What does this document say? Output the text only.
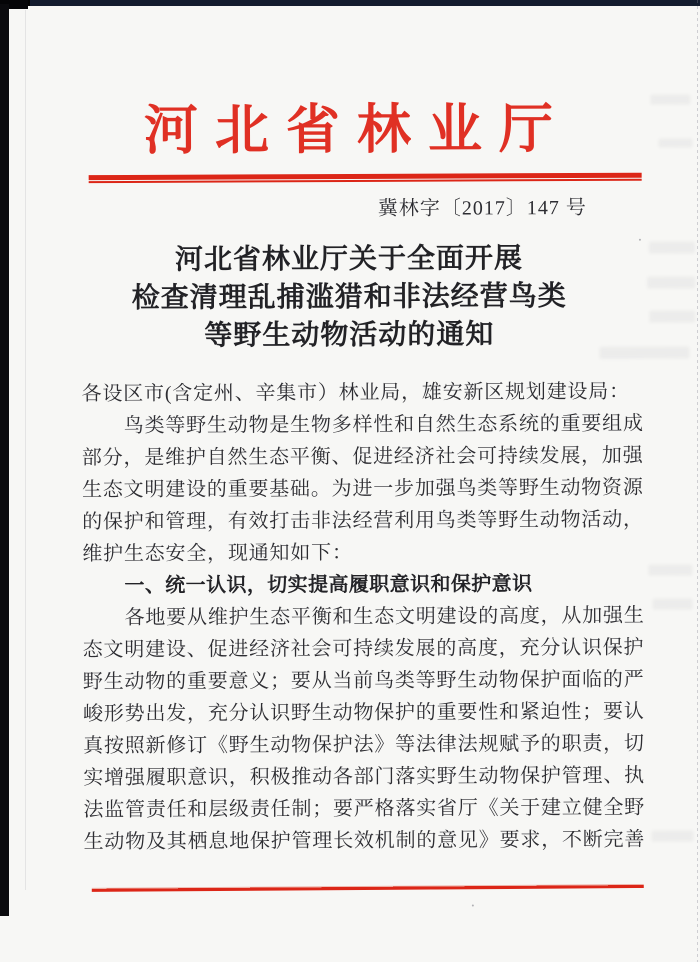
河北省林业厅
冀林字〔2017〕147 号
河北省林业厅关于全面开展
检查清理乱捕滥猎和非法经营鸟类
等野生动物活动的通知
各设区市(含定州、辛集市）林业局，雄安新区规划建设局：
鸟类等野生动物是生物多样性和自然生态系统的重要组成
部分，是维护自然生态平衡、促进经济社会可持续发展，加强
生态文明建设的重要基础。为进一步加强鸟类等野生动物资源
的保护和管理，有效打击非法经营利用鸟类等野生动物活动，
维护生态安全，现通知如下：
一、统一认识，切实提高履职意识和保护意识
各地要从维护生态平衡和生态文明建设的高度，从加强生
态文明建设、促进经济社会可持续发展的高度，充分认识保护
野生动物的重要意义；要从当前鸟类等野生动物保护面临的严
峻形势出发，充分认识野生动物保护的重要性和紧迫性；要认
真按照新修订《野生动物保护法》等法律法规赋予的职责，切
实增强履职意识，积极推动各部门落实野生动物保护管理、执
法监管责任和层级责任制；要严格落实省厅《关于建立健全野
生动物及其栖息地保护管理长效机制的意见》要求，不断完善
